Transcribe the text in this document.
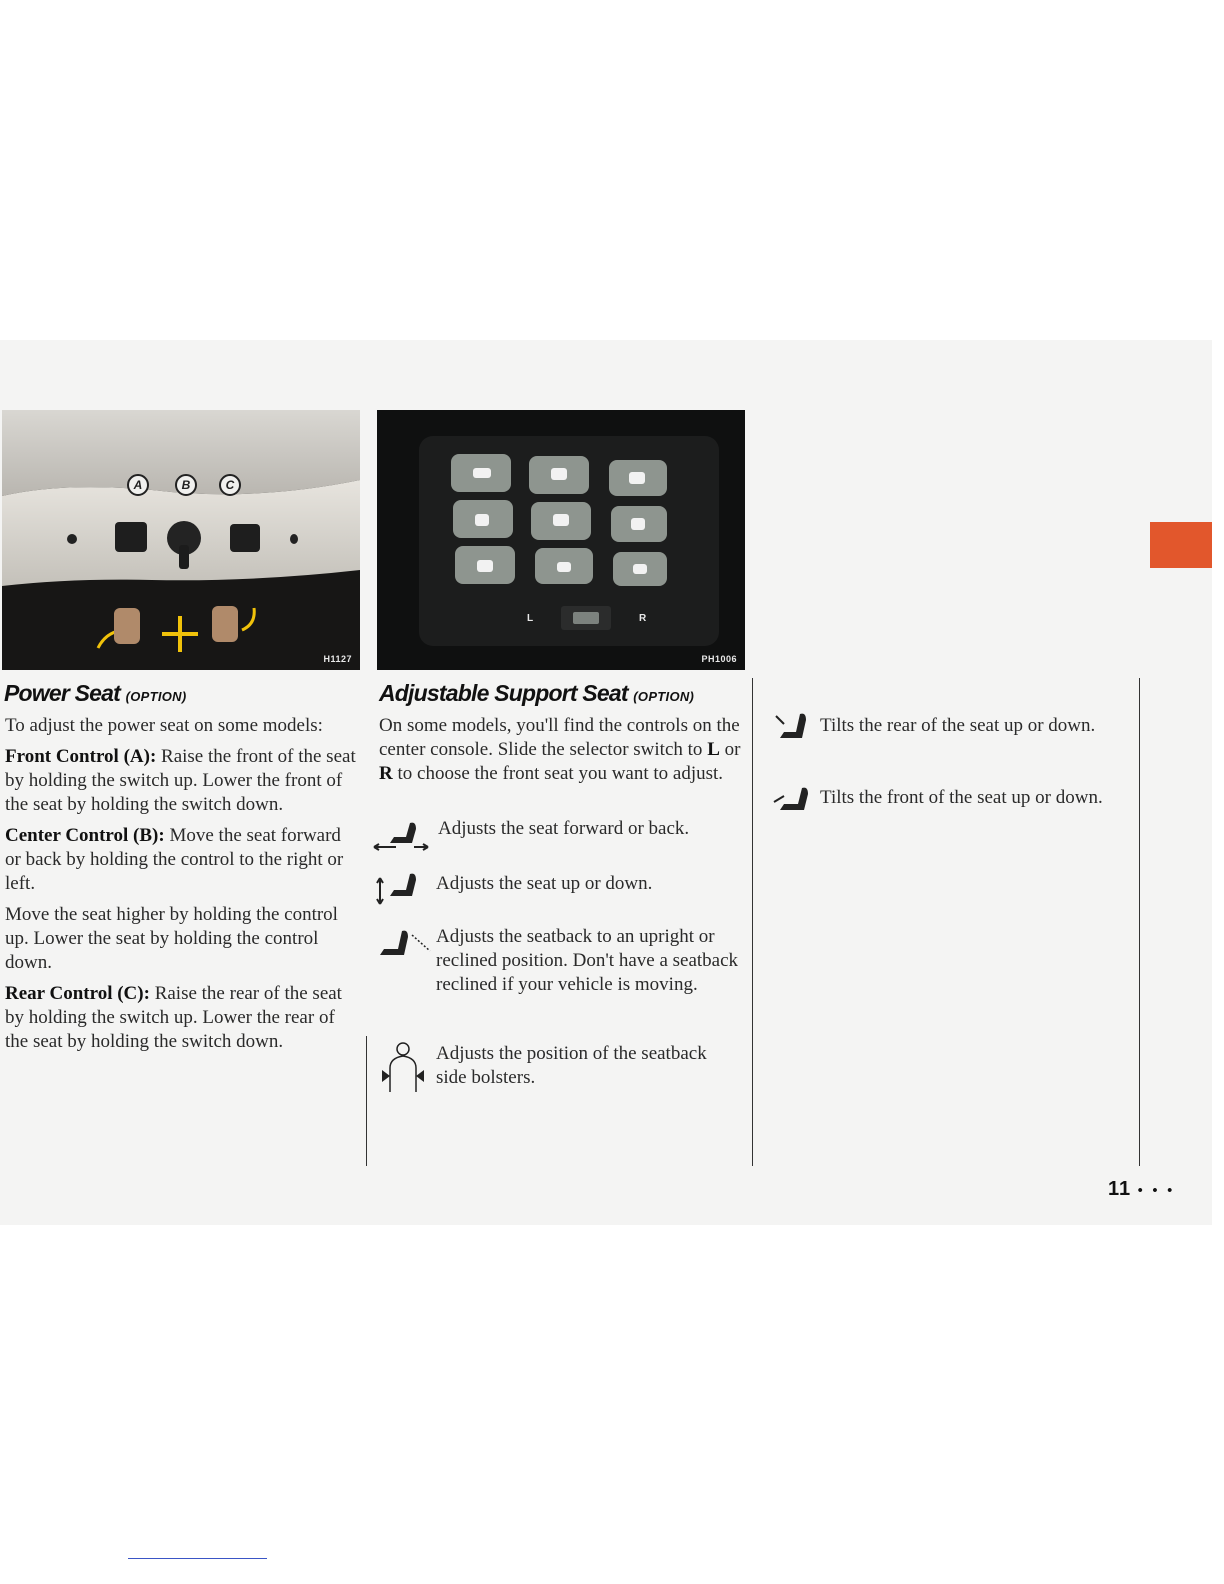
A	B	C
H1127
L	R
PH1006
Power Seat (OPTION)

To adjust the power seat on some models:

Front Control (A): Raise the front of the seat by holding the switch up. Lower the front of the seat by holding the switch down.

Center Control (B): Move the seat forward or back by holding the control to the right or left.

Move the seat higher by holding the control up. Lower the seat by holding the control down.

Rear Control (C): Raise the rear of the seat by holding the switch up. Lower the rear of the seat by holding the switch down.

Adjustable Support Seat (OPTION)

On some models, you'll find the controls on the center console. Slide the selector switch to L or R to choose the front seat you want to adjust.

Adjusts the seat forward or back.
Adjusts the seat up or down.
Adjusts the seatback to an upright or reclined position. Don't have a seatback reclined if your vehicle is moving.
Adjusts the position of the seatback side bolsters.
Tilts the rear of the seat up or down.
Tilts the front of the seat up or down.
11 • • •
